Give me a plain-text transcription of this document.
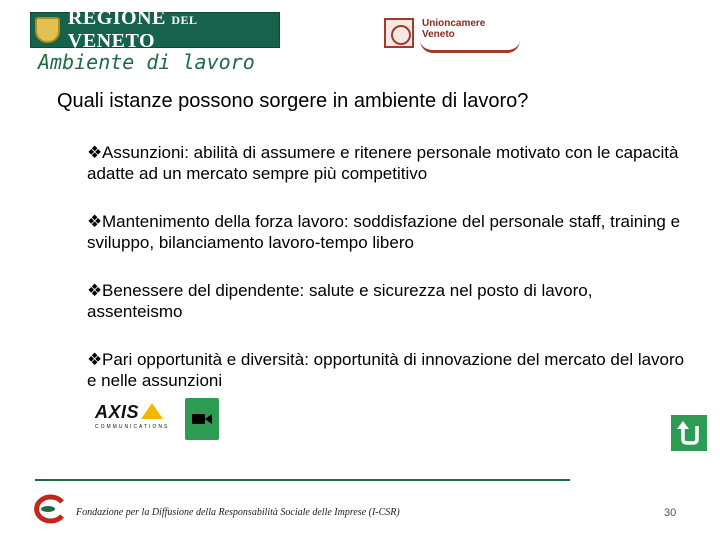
REGIONE DEL VENETO
Unioncamere
Veneto
Ambiente di lavoro
Quali istanze possono sorgere in ambiente di lavoro?
❖Assunzioni: abilità di assumere e ritenere personale motivato con le capacità adatte ad un mercato sempre più competitivo
❖Mantenimento della forza lavoro: soddisfazione del personale staff, training e sviluppo, bilanciamento lavoro-tempo libero
❖Benessere del dipendente: salute e sicurezza nel posto di lavoro, assenteismo
❖Pari opportunità e diversità: opportunità di innovazione del mercato del lavoro e nelle assunzioni
AXIS
COMMUNICATIONS
Fondazione per la Diffusione della Responsabilità Sociale delle Imprese (I-CSR)	30
